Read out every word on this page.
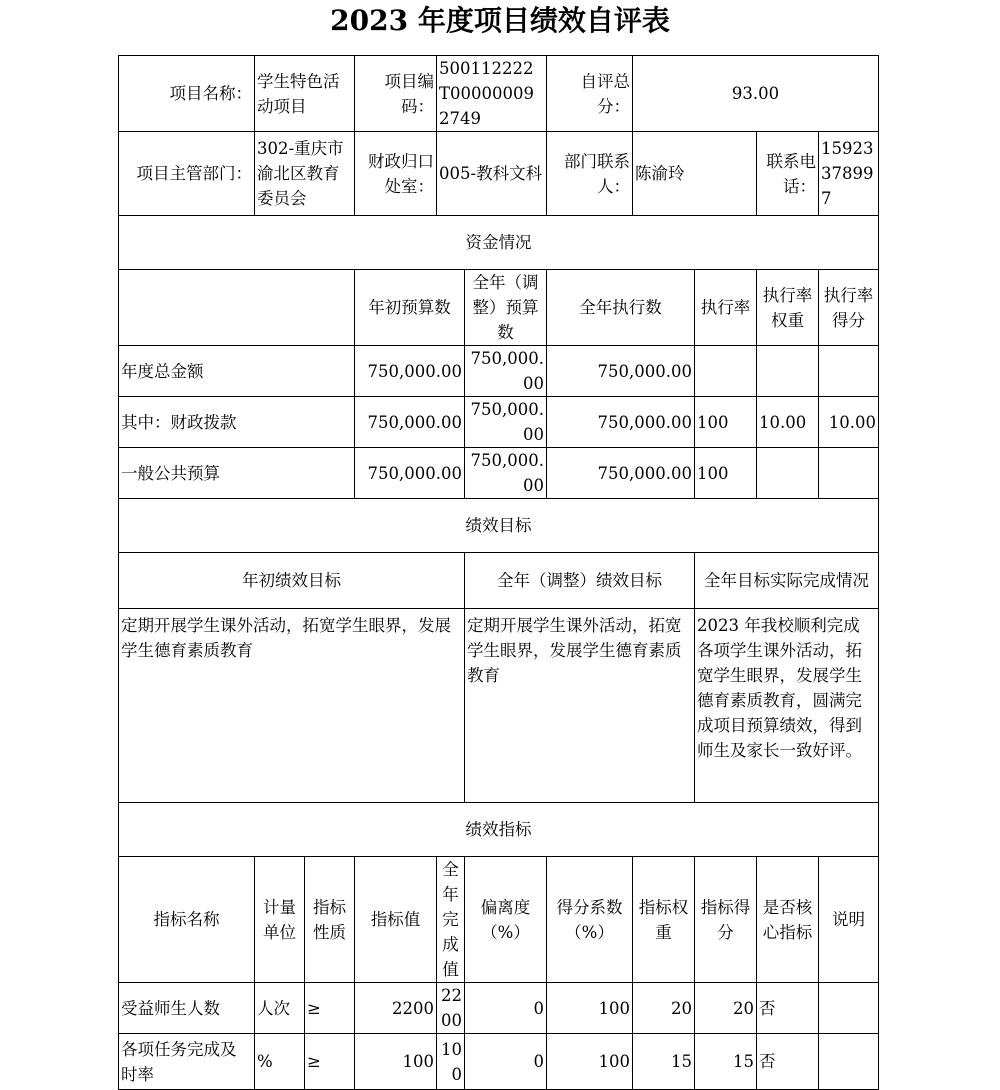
2023 年度项目绩效自评表
项目名称：	学生特色活动项目		项目编码：	500112222T000000092749		自评总分：	93.00			
项目主管部门：	302-重庆市渝北区教育委员会		财政归口处室：	005-教科文科		部门联系人：	陈渝玲		联系电话：	15923378997
资金情况										
			年初预算数		全年（调整）预算数	全年执行数		执行率	执行率权重	执行率得分
年度总金额			750,000.00		750,000.00	750,000.00				
其中：财政拨款			750,000.00		750,000.00	750,000.00		100	10.00	10.00
一般公共预算			750,000.00		750,000.00	750,000.00		100		
绩效目标										
年初绩效目标					全年（调整）绩效目标			全年目标实际完成情况		
定期开展学生课外活动，拓宽学生眼界，发展学生德育素质教育					定期开展学生课外活动，拓宽学生眼界，发展学生德育素质教育			2023 年我校顺利完成各项学生课外活动，拓宽学生眼界，发展学生德育素质教育，圆满完成项目预算绩效，得到师生及家长一致好评。		
绩效指标										
指标名称	计量单位	指标性质	指标值	全年完成值	偏离度（%）	得分系数（%）	指标权重	指标得分	是否核心指标	说明
受益师生人数	人次	≥	2200	2200	0	100	20	20	否	
各项任务完成及时率	%	≥	100	100	0	100	15	15	否	
